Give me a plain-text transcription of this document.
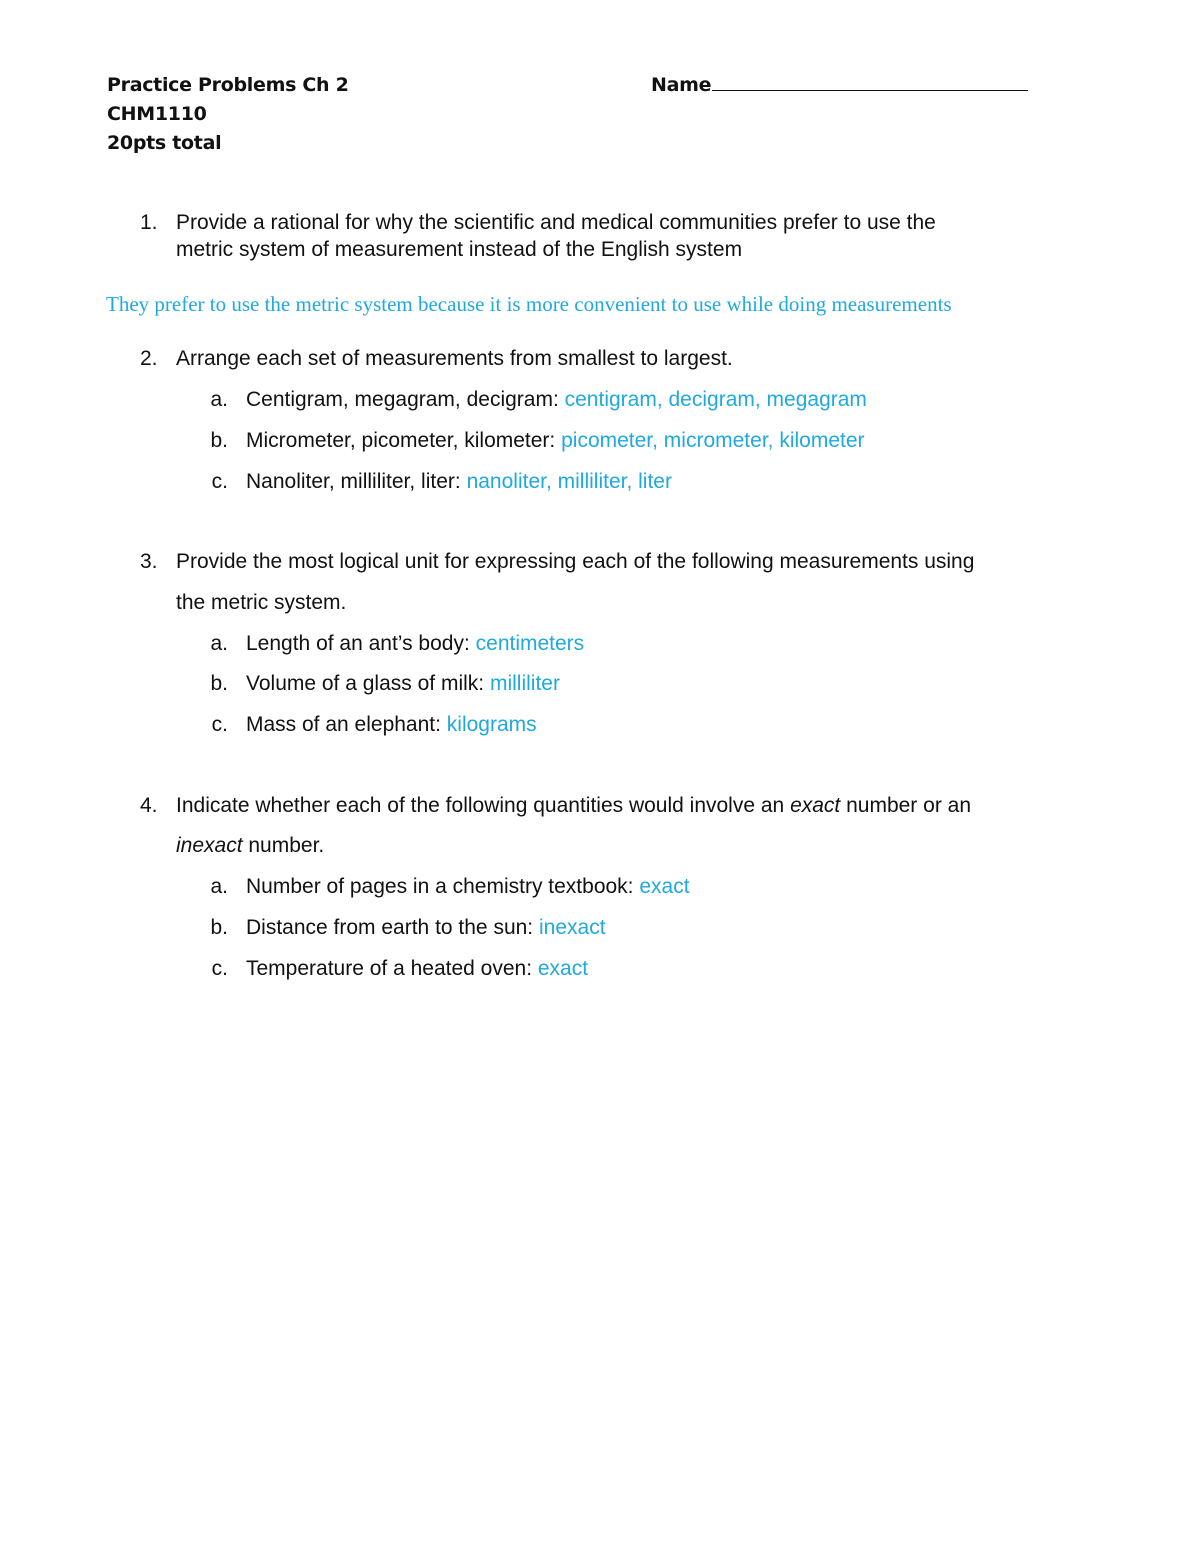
Practice Problems Ch 2
CHM1110
20pts total
Name
1. Provide a rational for why the scientific and medical communities prefer to use the
metric system of measurement instead of the English system
They prefer to use the metric system because it is more convenient to use while doing measurements
2. Arrange each set of measurements from smallest to largest.
a. Centigram, megagram, decigram: centigram, decigram, megagram
b. Micrometer, picometer, kilometer: picometer, micrometer, kilometer
c. Nanoliter, milliliter, liter: nanoliter, milliliter, liter
3. Provide the most logical unit for expressing each of the following measurements using
the metric system.
a. Length of an ant’s body: centimeters
b. Volume of a glass of milk: milliliter
c. Mass of an elephant: kilograms
4. Indicate whether each of the following quantities would involve an exact number or an
inexact number.
a. Number of pages in a chemistry textbook: exact
b. Distance from earth to the sun: inexact
c. Temperature of a heated oven: exact
